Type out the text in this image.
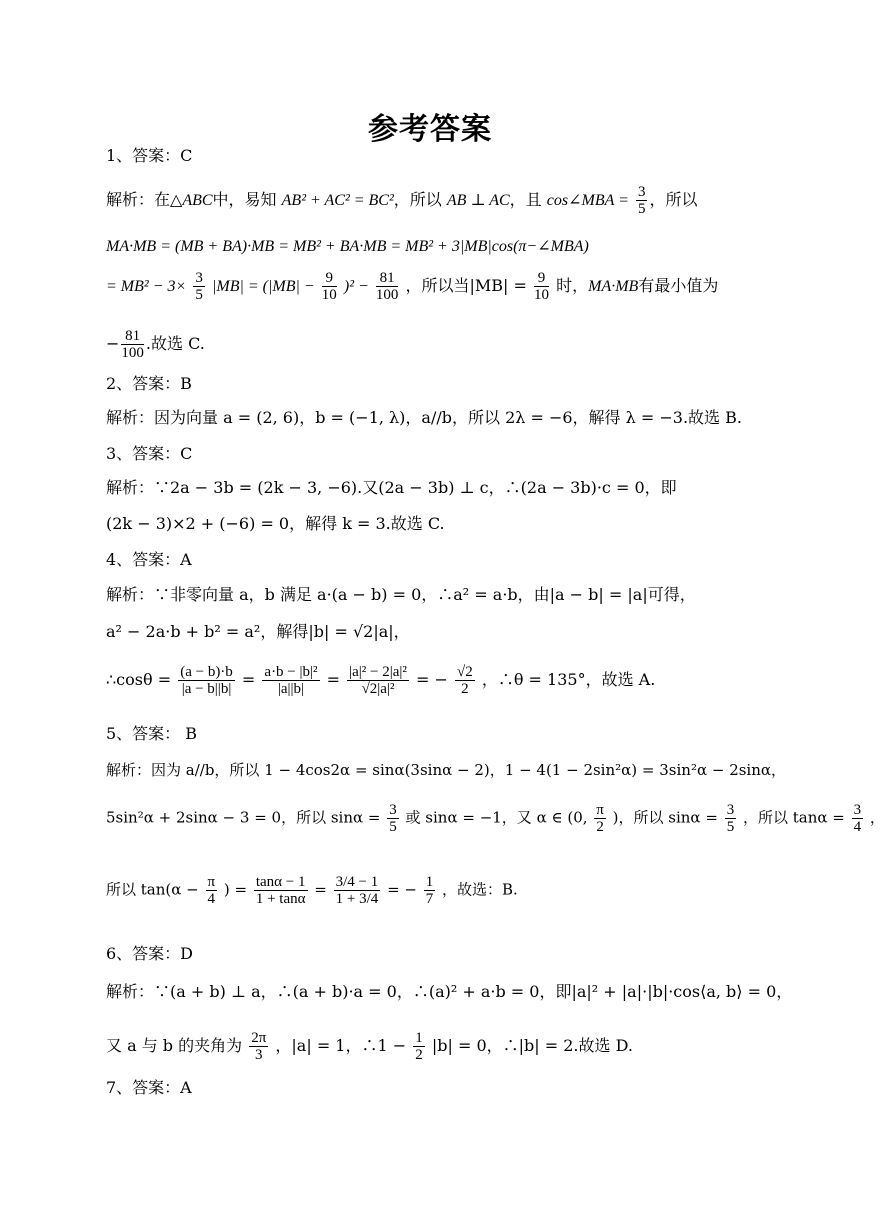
参考答案
1、答案：C
解析：在△ABC中，易知 AB² + AC² = BC²，所以 AB ⊥ AC，且 cos∠MBA = $\frac{3}{5}$ ，所以
MA·MB = (MB + BA)·MB = MB² + BA·MB = MB² + 3|MB|cos(π−∠MBA)
= $MB^2 - 3\times \frac{3}{5} |MB| = (|MB| - \frac{9}{10} )^2 - \frac{81}{100}$ ，所以当$|MB| = \frac{9}{10}$ 时，MA·MB有最小值为
− $\frac{81}{100}$ .故选 C.
2、答案：B
解析：因为向量 a = (2, 6)，b = (−1, λ)，a//b，所以 2λ = −6，解得 λ = −3.故选 B.
3、答案：C
解析：∵2a − 3b = (2k − 3, −6).又(2a − 3b) ⊥ c，∴(2a − 3b)·c = 0，即
(2k − 3)×2 + (−6) = 0，解得 k = 3.故选 C.
4、答案：A
解析：∵非零向量 a，b 满足 a·(a − b) = 0，∴a² = a·b，由|a − b| = |a|可得，
a² − 2a·b + b² = a²，解得|b| = √2|a|，
∴cosθ = $\frac{(a - b)\cdot b}{|a - b||b|} = \frac{\text{a·b − |b|²}}{|a||b|} = \frac{\text{|a|² − 2|a|²}}{\text{√2|a|²}}$ = − $\frac{√2}{2}$ ，∴θ = 135°，故选 A.
5、答案： B
解析：因为 a//b，所以 1 − 4cos2α = sinα(3sinα − 2)，1 − 4(1 − 2sin²α) = 3sin²α − 2sinα，
5sin²α + 2sinα − 3 = 0，所以 $\sin\alpha = \frac{3}{5}$ 或 sinα = −1，又 α ∈ (0, $\frac{\pi}{2}$ )，所以 $\sin\alpha = \frac{3}{5}$ ，所以 $\tan\alpha = \frac{3}{4}$ ，
所以 $\tan(\alpha - \frac{\pi}{4}$ ) = $\frac{\tan\alpha - 1}{1 + \tan\alpha} = \frac{3/4 - 1}{1 + 3/4}$ = − $\frac{1}{7}$ ，故选：B.
6、答案：D
解析：∵(a + b) ⊥ a，∴(a + b)·a = 0，∴(a)² + a·b = 0，即|a|² + |a|·|b|·cos⟨a, b⟩ = 0，
又 a 与 b 的夹角为 $\frac{2\pi}{3}$ ，|a| = 1，∴1 − $\frac{1}{2} |b| = 0$，∴|b| = 2.故选 D.
7、答案：A
